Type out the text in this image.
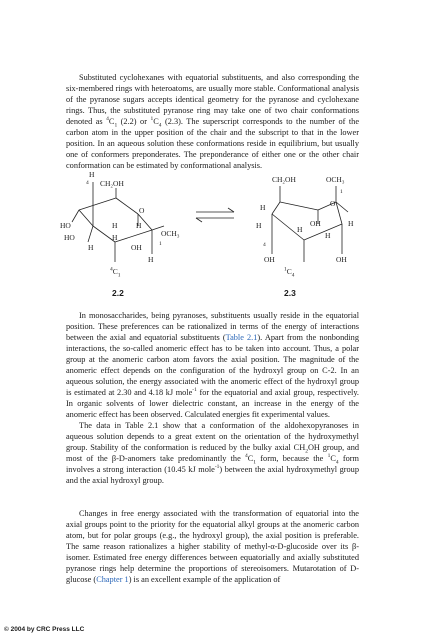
Substituted cyclohexanes with equatorial substituents, and also corresponding the six-membered rings with heteroatoms, are usually more stable. Conformational analysis of the pyranose sugars accepts identical geometry for the pyranose and cyclohexane rings. Thus, the substituted pyranose ring may take one of two chair conformations denoted as $^4C_1$ (2.2) or $^1C_4$ (2.3). The superscript corresponds to the number of the carbon atom in the upper position of the chair and the subscript to that in the lower position. In an aqueous solution these conformations reside in equilibrium, but usually one of conformers preponderates. The preponderance of either one or the other chair conformation can be estimated by conformational analysis.

H
4 CH₂OH
O
HO
HO
H H
H
OH
OCH₃
1
H
H
$^4C_1$
CH₂OH	OCH₃
1
H
H
O
OH
H
H
H
4
OH	OH
$^1C_4$
2.2	2.3

In monosaccharides, being pyranoses, substituents usually reside in the equatorial position. These preferences can be rationalized in terms of the energy of interactions between the axial and equatorial substituents (Table 2.1). Apart from the nonbonding interactions, the so-called anomeric effect has to be taken into account. Thus, a polar group at the anomeric carbon atom favors the axial position. The magnitude of the anomeric effect depends on the configuration of the hydroxyl group on C-2. In an aqueous solution, the energy associated with the anomeric effect of the hydroxyl group is estimated at 2.30 and 4.18 kJ mole$^{-1}$ for the equatorial and axial group, respectively. In organic solvents of lower dielectric constant, an increase in the energy of the anomeric effect has been observed. Calculated energies fit experimental values.

The data in Table 2.1 show that a conformation of the aldohexopyranoses in aqueous solution depends to a great extent on the orientation of the hydroxymethyl group. Stability of the conformation is reduced by the bulky axial $CH_2OH$ group, and most of the β-D-anomers take predominantly the $^4C_1$ form, because the $^1C_4$ form involves a strong interaction (10.45 kJ mole$^{-1}$) between the axial hydroxymethyl group and the axial hydroxyl group.

Changes in free energy associated with the transformation of equatorial into the axial groups point to the priority for the equatorial alkyl groups at the anomeric carbon atom, but for polar groups (e.g., the hydroxyl group), the axial position is preferable. The same reason rationalizes a higher stability of methyl-α-D-glucoside over its β-isomer. Estimated free energy differences between equatorially and axially substituted pyranose rings help determine the proportions of stereoisomers. Mutarotation of D-glucose (Chapter 1) is an excellent example of the application of

© 2004 by CRC Press LLC
